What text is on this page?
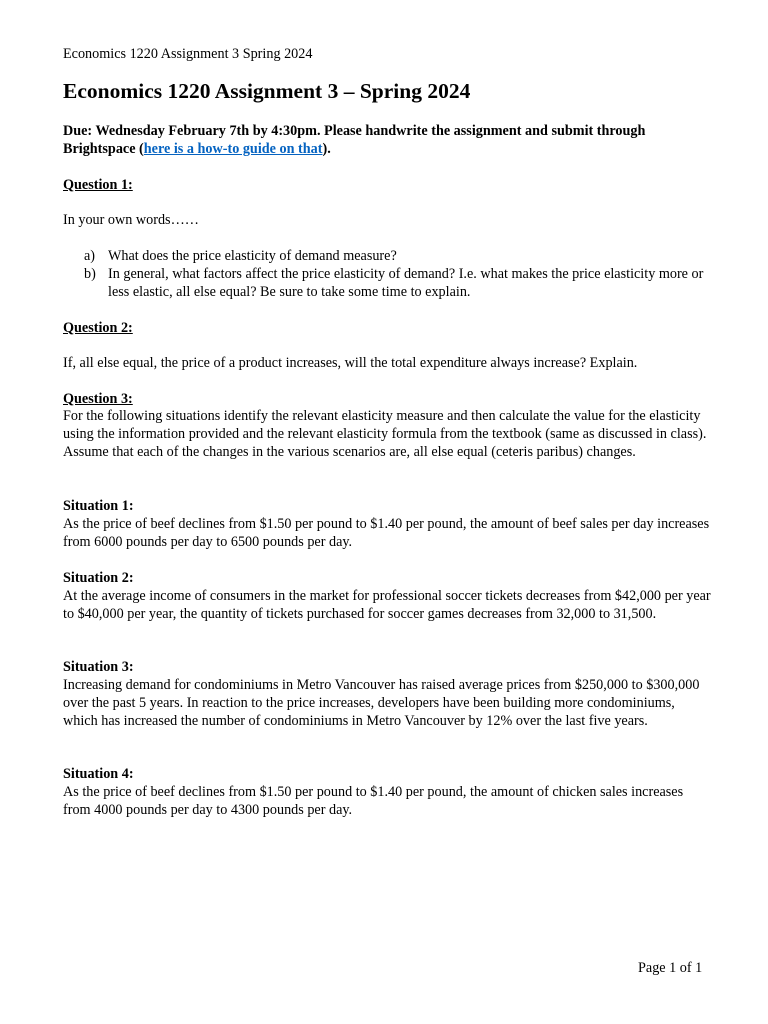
Economics 1220 Assignment 3 Spring 2024
Economics 1220 Assignment 3 – Spring 2024
Due: Wednesday February 7th by 4:30pm. Please handwrite the assignment and submit through Brightspace (here is a how-to guide on that).
Question 1:
In your own words……
a) What does the price elasticity of demand measure?
b) In general, what factors affect the price elasticity of demand? I.e. what makes the price elasticity more or less elastic, all else equal? Be sure to take some time to explain.
Question 2:
If, all else equal, the price of a product increases, will the total expenditure always increase? Explain.
Question 3:
For the following situations identify the relevant elasticity measure and then calculate the value for the elasticity using the information provided and the relevant elasticity formula from the textbook (same as discussed in class). Assume that each of the changes in the various scenarios are, all else equal (ceteris paribus) changes.
Situation 1:
As the price of beef declines from $1.50 per pound to $1.40 per pound, the amount of beef sales per day increases from 6000 pounds per day to 6500 pounds per day.
Situation 2:
At the average income of consumers in the market for professional soccer tickets decreases from $42,000 per year to $40,000 per year, the quantity of tickets purchased for soccer games decreases from 32,000 to 31,500.
Situation 3:
Increasing demand for condominiums in Metro Vancouver has raised average prices from $250,000 to $300,000 over the past 5 years. In reaction to the price increases, developers have been building more condominiums, which has increased the number of condominiums in Metro Vancouver by 12% over the last five years.
Situation 4:
As the price of beef declines from $1.50 per pound to $1.40 per pound, the amount of chicken sales increases from 4000 pounds per day to 4300 pounds per day.
Page 1 of 1
